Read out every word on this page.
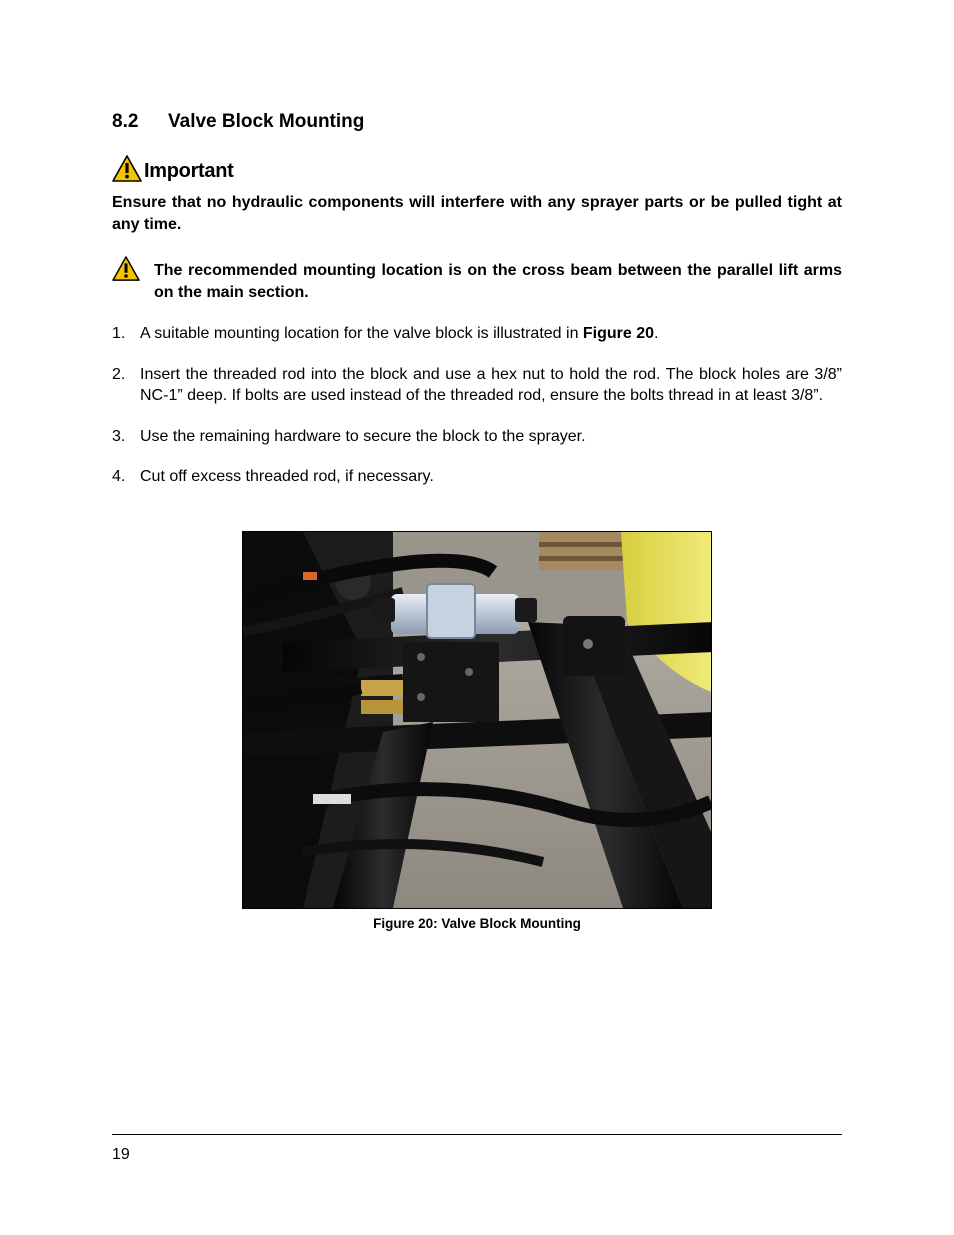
8.2 Valve Block Mounting
Important
Ensure that no hydraulic components will interfere with any sprayer parts or be pulled tight at any time.
The recommended mounting location is on the cross beam between the parallel lift arms on the main section.
1. A suitable mounting location for the valve block is illustrated in Figure 20.
2. Insert the threaded rod into the block and use a hex nut to hold the rod. The block holes are 3/8” NC-1” deep. If bolts are used instead of the threaded rod, ensure the bolts thread in at least 3/8”.
3. Use the remaining hardware to secure the block to the sprayer.
4. Cut off excess threaded rod, if necessary.
Figure 20: Valve Block Mounting
19
